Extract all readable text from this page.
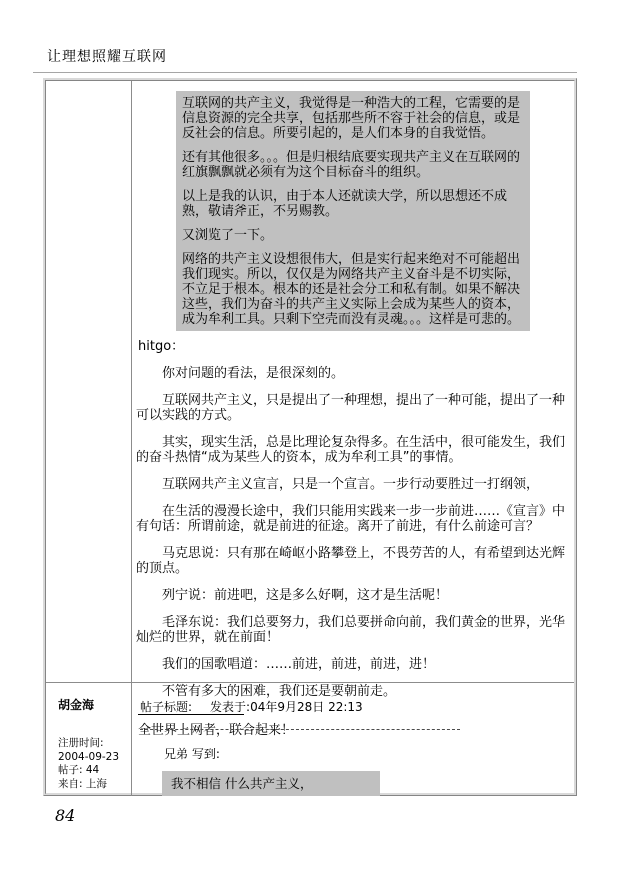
让理想照耀互联网

互联网的共产主义，我觉得是一种浩大的工程，它需要的是信息资源的完全共享，包括那些所不容于社会的信息，或是反社会的信息。所要引起的，是人们本身的自我觉悟。

还有其他很多。。。但是归根结底要实现共产主义在互联网的红旗飘飘就必须有为这个目标奋斗的组织。

以上是我的认识，由于本人还就读大学，所以思想还不成熟，敬请斧正，不另赐教。

又浏览了一下。

网络的共产主义设想很伟大，但是实行起来绝对不可能超出我们现实。所以，仅仅是为网络共产主义奋斗是不切实际，不立足于根本。根本的还是社会分工和私有制。如果不解决这些，我们为奋斗的共产主义实际上会成为某些人的资本，成为牟利工具。只剩下空壳而没有灵魂。。。这样是可悲的。

hitgo：

你对问题的看法，是很深刻的。

互联网共产主义，只是提出了一种理想，提出了一种可能，提出了一种可以实践的方式。

其实，现实生活，总是比理论复杂得多。在生活中，很可能发生，我们的奋斗热情“成为某些人的资本，成为牟利工具”的事情。

互联网共产主义宣言，只是一个宣言。一步行动要胜过一打纲领，

在生活的漫漫长途中，我们只能用实践来一步一步前进……《宣言》中有句话：所谓前途，就是前进的征途。离开了前进，有什么前途可言？

马克思说：只有那在崎岖小路攀登上，不畏劳苦的人，有希望到达光辉的顶点。

列宁说：前进吧，这是多么好啊，这才是生活呢！

毛泽东说：我们总要努力，我们总要拼命向前，我们黄金的世界，光华灿烂的世界，就在前面！

我们的国歌唱道：……前进，前进，前进，进！

不管有多大的困难，我们还是要朝前走。

全世界上网者，联合起来！
胡金海
注册时间:
2004-09-23
帖子: 44
来自: 上海
帖子标题: 发表于:04年9月28日 22:13
兄弟 写到:
我不相信 什么共产主义，
84
